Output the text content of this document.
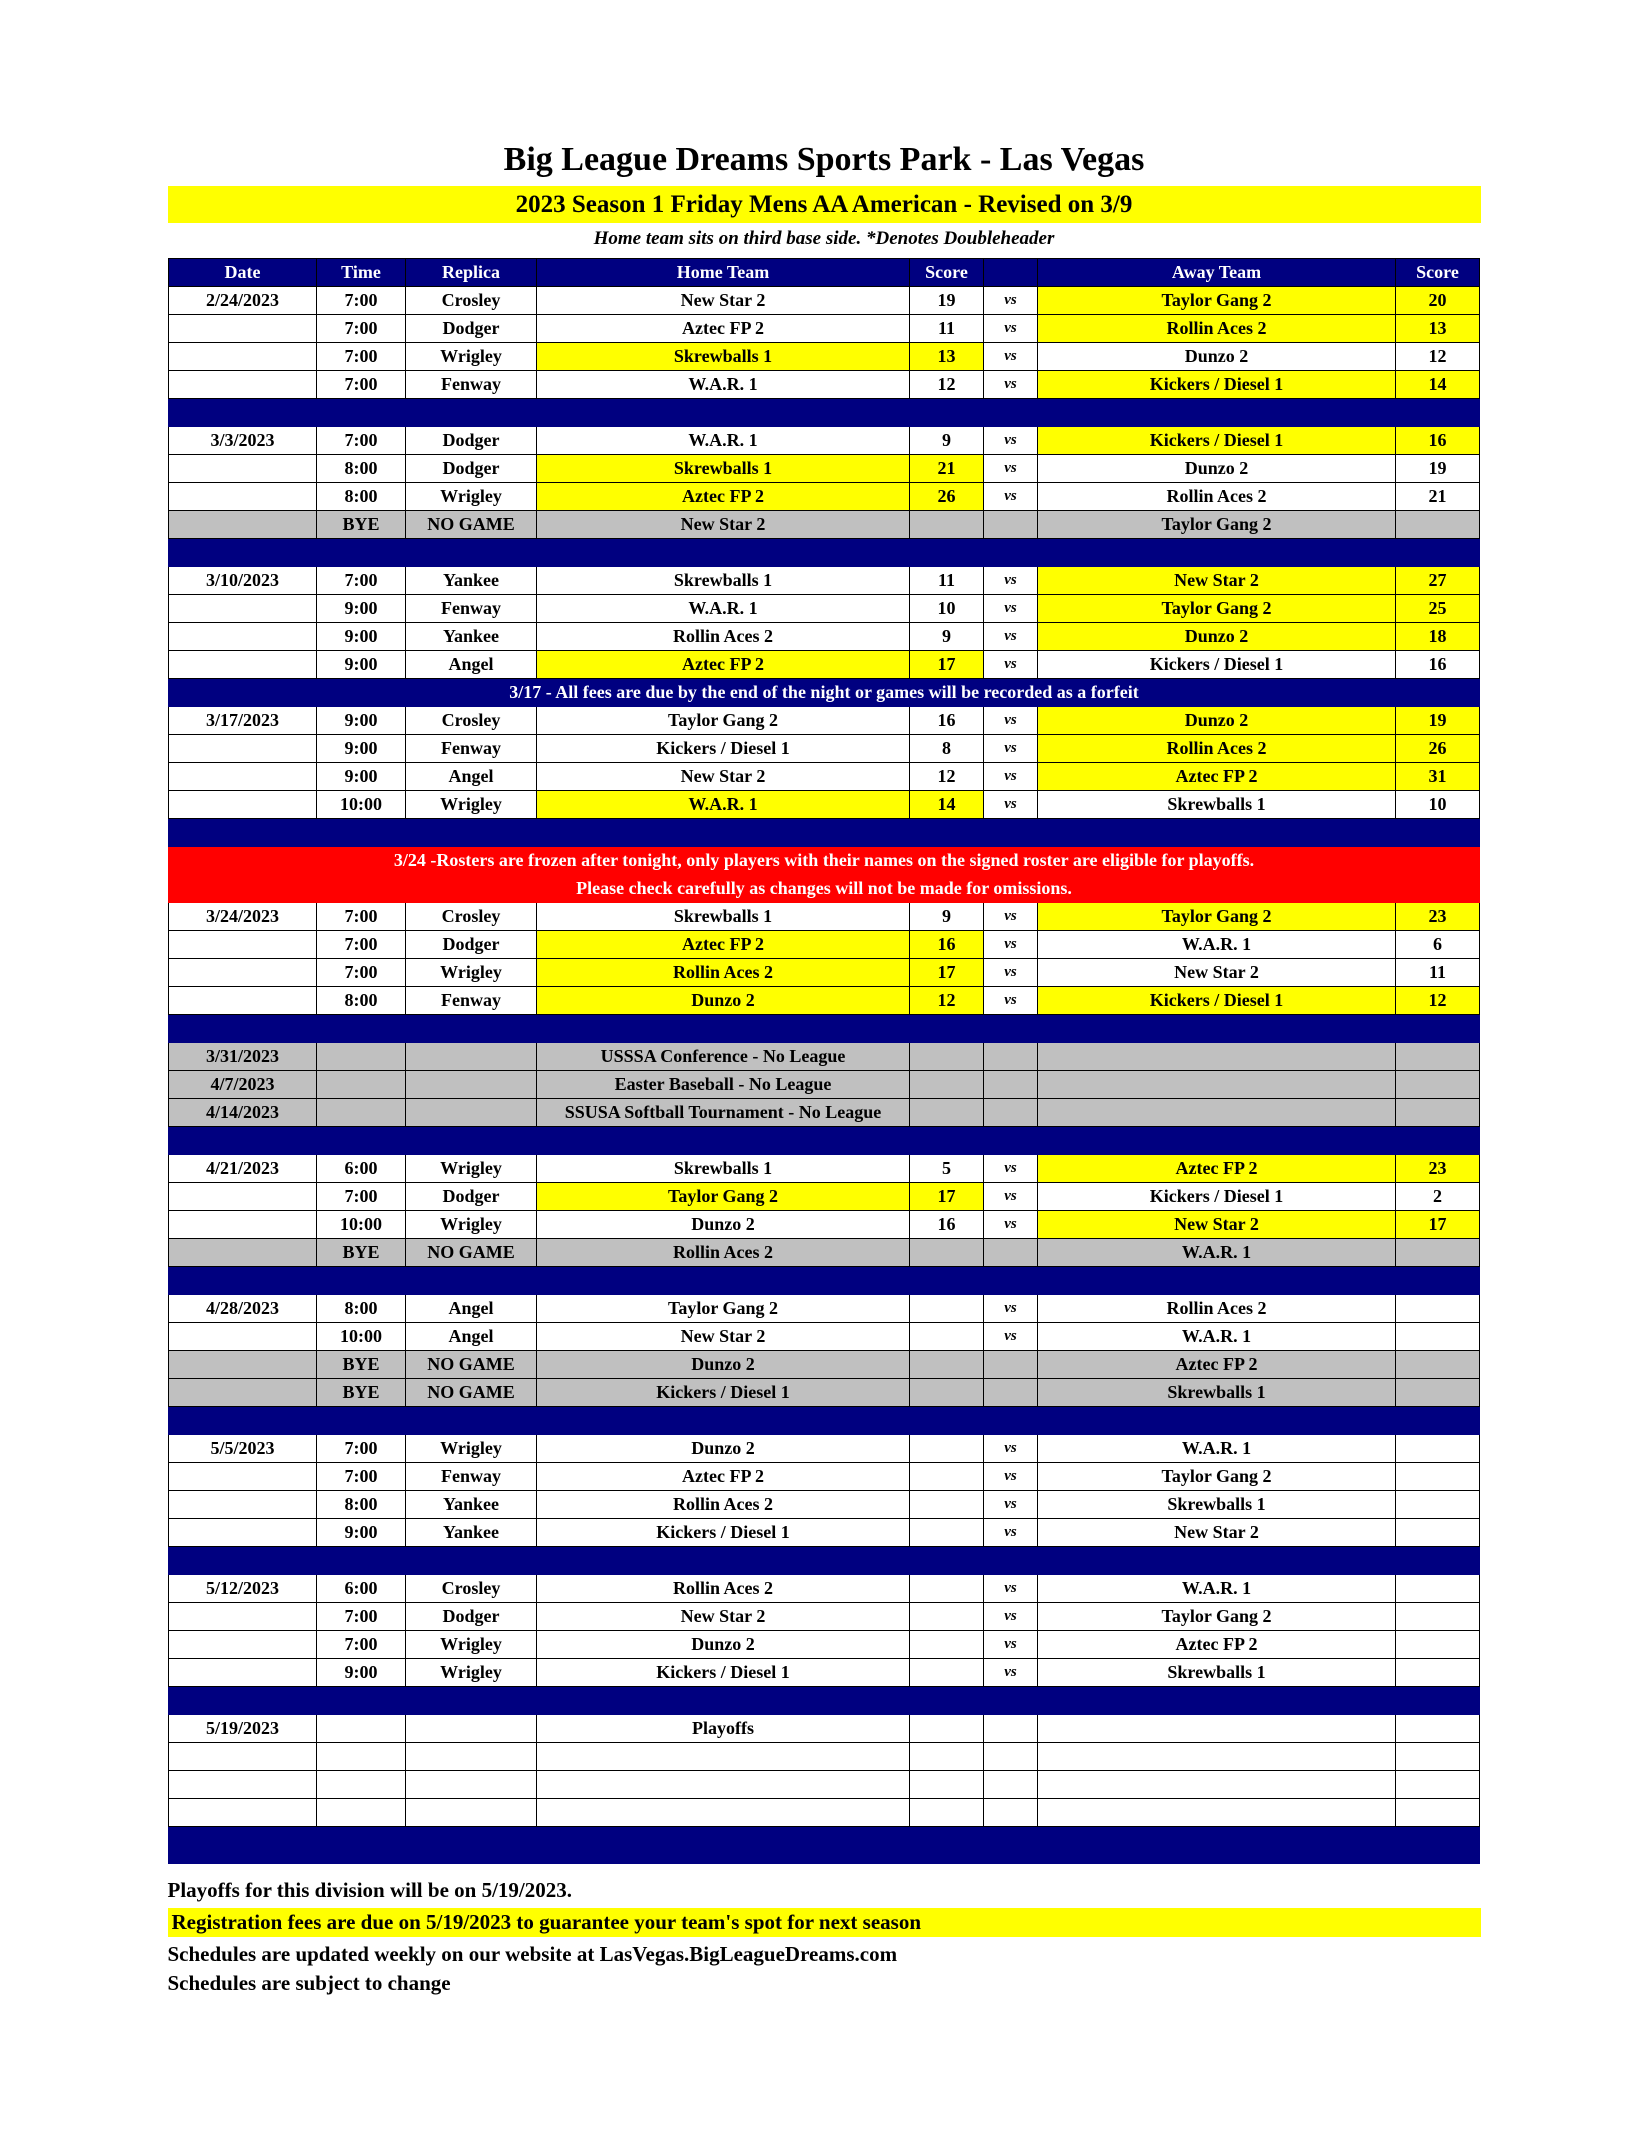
Big League Dreams Sports Park - Las Vegas
2023 Season 1 Friday Mens AA American - Revised on 3/9
Home team sits on third base side. *Denotes Doubleheader
Date	Time	Replica	Home Team	Score		Away Team	Score
2/24/2023	7:00	Crosley	New Star 2	19	vs	Taylor Gang 2	20
	7:00	Dodger	Aztec FP 2	11	vs	Rollin Aces 2	13
	7:00	Wrigley	Skrewballs 1	13	vs	Dunzo 2	12
	7:00	Fenway	W.A.R. 1	12	vs	Kickers / Diesel 1	14

3/3/2023	7:00	Dodger	W.A.R. 1	9	vs	Kickers / Diesel 1	16
	8:00	Dodger	Skrewballs 1	21	vs	Dunzo 2	19
	8:00	Wrigley	Aztec FP 2	26	vs	Rollin Aces 2	21
	BYE	NO GAME	New Star 2			Taylor Gang 2	

3/10/2023	7:00	Yankee	Skrewballs 1	11	vs	New Star 2	27
	9:00	Fenway	W.A.R. 1	10	vs	Taylor Gang 2	25
	9:00	Yankee	Rollin Aces 2	9	vs	Dunzo 2	18
	9:00	Angel	Aztec FP 2	17	vs	Kickers / Diesel 1	16
3/17 - All fees are due by the end of the night or games will be recorded as a forfeit							
3/17/2023	9:00	Crosley	Taylor Gang 2	16	vs	Dunzo 2	19
	9:00	Fenway	Kickers / Diesel 1	8	vs	Rollin Aces 2	26
	9:00	Angel	New Star 2	12	vs	Aztec FP 2	31
	10:00	Wrigley	W.A.R. 1	14	vs	Skrewballs 1	10

3/24 -Rosters are frozen after tonight, only players with their names on the signed roster are eligible for playoffs.							
Please check carefully as changes will not be made for omissions.							
3/24/2023	7:00	Crosley	Skrewballs 1	9	vs	Taylor Gang 2	23
	7:00	Dodger	Aztec FP 2	16	vs	W.A.R. 1	6
	7:00	Wrigley	Rollin Aces 2	17	vs	New Star 2	11
	8:00	Fenway	Dunzo 2	12	vs	Kickers / Diesel 1	12

3/31/2023			USSSA Conference - No League				
4/7/2023			Easter Baseball - No League				
4/14/2023			SSUSA Softball Tournament - No League				

4/21/2023	6:00	Wrigley	Skrewballs 1	5	vs	Aztec FP 2	23
	7:00	Dodger	Taylor Gang 2	17	vs	Kickers / Diesel 1	2
	10:00	Wrigley	Dunzo 2	16	vs	New Star 2	17
	BYE	NO GAME	Rollin Aces 2			W.A.R. 1	

4/28/2023	8:00	Angel	Taylor Gang 2		vs	Rollin Aces 2	
	10:00	Angel	New Star 2		vs	W.A.R. 1	
	BYE	NO GAME	Dunzo 2			Aztec FP 2	
	BYE	NO GAME	Kickers / Diesel 1			Skrewballs 1	

5/5/2023	7:00	Wrigley	Dunzo 2		vs	W.A.R. 1	
	7:00	Fenway	Aztec FP 2		vs	Taylor Gang 2	
	8:00	Yankee	Rollin Aces 2		vs	Skrewballs 1	
	9:00	Yankee	Kickers / Diesel 1		vs	New Star 2	

5/12/2023	6:00	Crosley	Rollin Aces 2		vs	W.A.R. 1	
	7:00	Dodger	New Star 2		vs	Taylor Gang 2	
	7:00	Wrigley	Dunzo 2		vs	Aztec FP 2	
	9:00	Wrigley	Kickers / Diesel 1		vs	Skrewballs 1	

5/19/2023			Playoffs				

Playoffs for this division will be on 5/19/2023.
Registration fees are due on 5/19/2023 to guarantee your team's spot for next season
Schedules are updated weekly on our website at LasVegas.BigLeagueDreams.com
Schedules are subject to change
